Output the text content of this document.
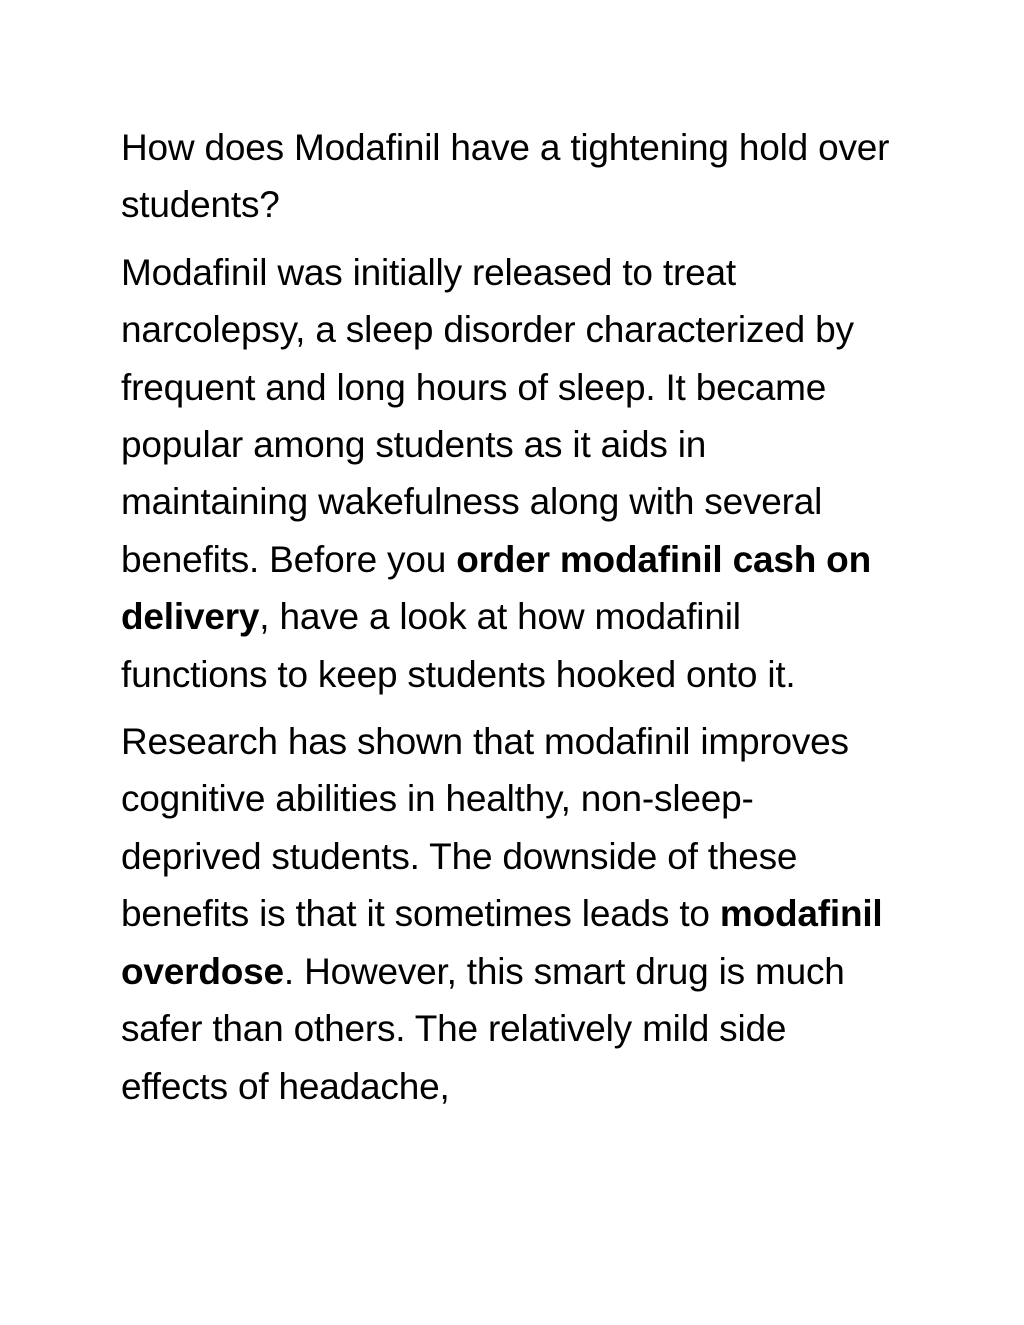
How does Modafinil have a tightening hold over students?

Modafinil was initially released to treat narcolepsy, a sleep disorder characterized by frequent and long hours of sleep. It became popular among students as it aids in maintaining wakefulness along with several benefits. Before you order modafinil cash on delivery, have a look at how modafinil functions to keep students hooked onto it.

Research has shown that modafinil improves cognitive abilities in healthy, non-sleep-deprived students. The downside of these benefits is that it sometimes leads to modafinil overdose. However, this smart drug is much safer than others. The relatively mild side effects of headache,
